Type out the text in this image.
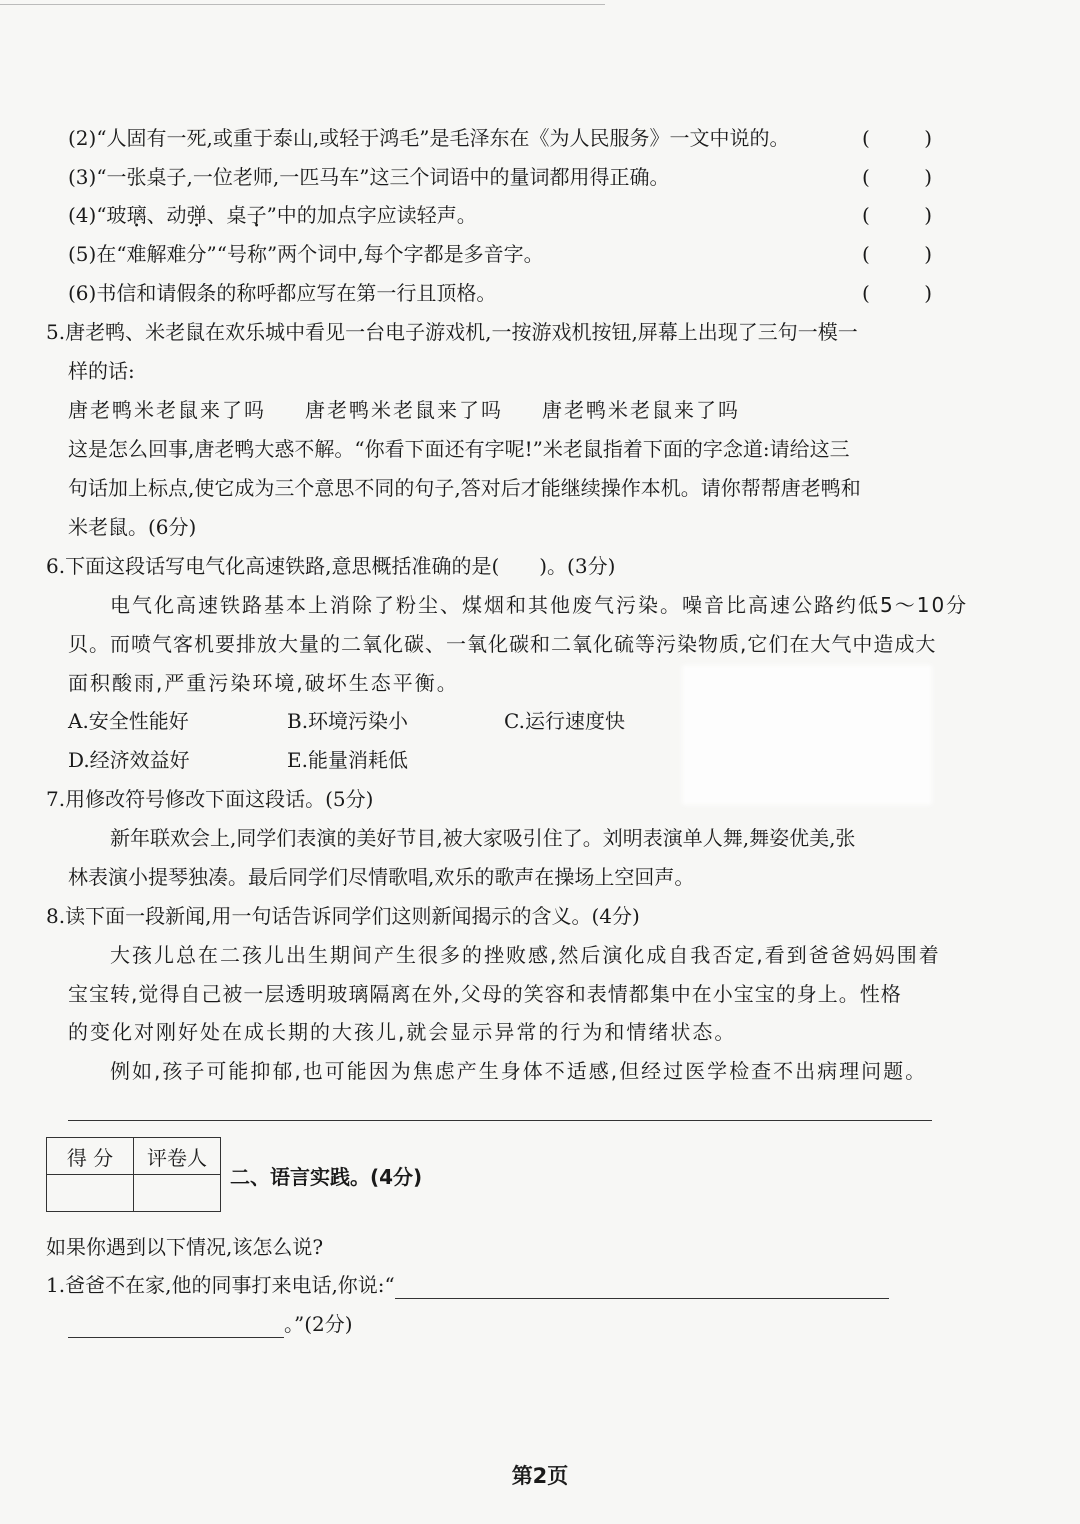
(2)“人固有一死,或重于泰山,或轻于鸿毛”是毛泽东在《为人民服务》一文中说的。	(	)
(3)“一张桌子,一位老师,一匹马车”这三个词语中的量词都用得正确。	(	)
(4)“玻璃、动弹、桌子”中的加点字应读轻声。	(	)
(5)在“难解难分”“号称”两个词中,每个字都是多音字。	(	)
(6)书信和请假条的称呼都应写在第一行且顶格。	(	)
5.唐老鸭、米老鼠在欢乐城中看见一台电子游戏机,一按游戏机按钮,屏幕上出现了三句一模一
样的话:
唐老鸭米老鼠来了吗 唐老鸭米老鼠来了吗 唐老鸭米老鼠来了吗
这是怎么回事,唐老鸭大惑不解。“你看下面还有字呢!”米老鼠指着下面的字念道:请给这三
句话加上标点,使它成为三个意思不同的句子,答对后才能继续操作本机。请你帮帮唐老鸭和
米老鼠。(6分)
6.下面这段话写电气化高速铁路,意思概括准确的是(　　)。(3分)
电气化高速铁路基本上消除了粉尘、煤烟和其他废气污染。噪音比高速公路约低5～10分
贝。而喷气客机要排放大量的二氧化碳、一氧化碳和二氧化硫等污染物质,它们在大气中造成大
面积酸雨,严重污染环境,破坏生态平衡。
A.安全性能好	B.环境污染小	C.运行速度快
D.经济效益好	E.能量消耗低
7.用修改符号修改下面这段话。(5分)
新年联欢会上,同学们表演的美好节目,被大家吸引住了。刘明表演单人舞,舞姿优美,张
林表演小提琴独凑。最后同学们尽情歌唱,欢乐的歌声在操场上空回声。
8.读下面一段新闻,用一句话告诉同学们这则新闻揭示的含义。(4分)
大孩儿总在二孩儿出生期间产生很多的挫败感,然后演化成自我否定,看到爸爸妈妈围着
宝宝转,觉得自己被一层透明玻璃隔离在外,父母的笑容和表情都集中在小宝宝的身上。性格
的变化对刚好处在成长期的大孩儿,就会显示异常的行为和情绪状态。
例如,孩子可能抑郁,也可能因为焦虑产生身体不适感,但经过医学检查不出病理问题。
得 分	评卷人

二、语言实践。(4分)
如果你遇到以下情况,该怎么说?
1.爸爸不在家,他的同事打来电话,你说:“
。”(2分)
第2页
